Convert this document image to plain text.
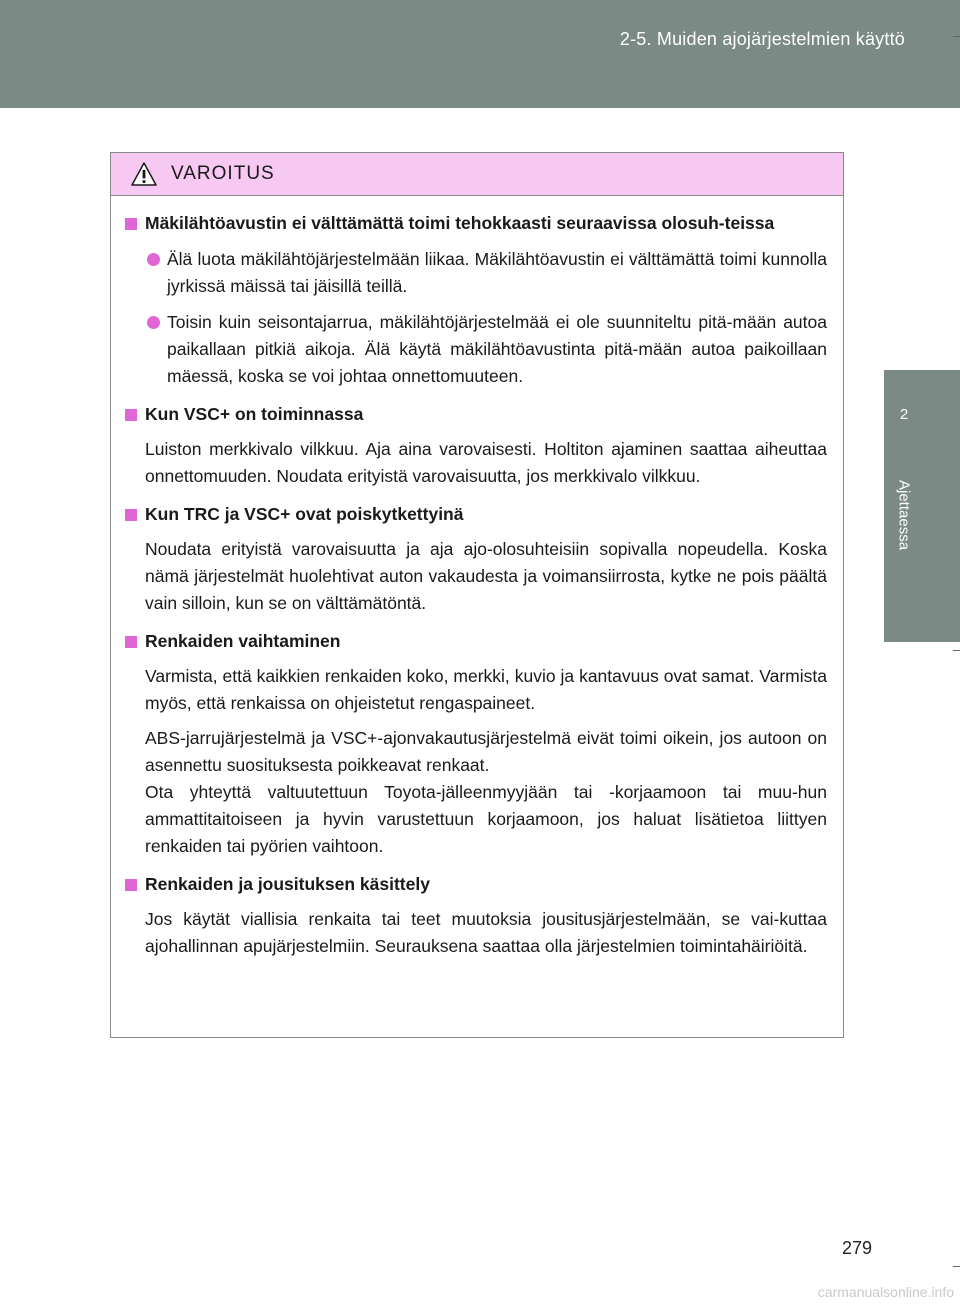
2-5. Muiden ajojärjestelmien käyttö
2
Ajettaessa
VAROITUS
Mäkilähtöavustin ei välttämättä toimi tehokkaasti seuraavissa olosuh-teissa
Älä luota mäkilähtöjärjestelmään liikaa. Mäkilähtöavustin ei välttämättä toimi kunnolla jyrkissä mäissä tai jäisillä teillä.
Toisin kuin seisontajarrua, mäkilähtöjärjestelmää ei ole suunniteltu pitä-mään autoa paikallaan pitkiä aikoja. Älä käytä mäkilähtöavustinta pitä-mään autoa paikoillaan mäessä, koska se voi johtaa onnettomuuteen.
Kun VSC+ on toiminnassa
Luiston merkkivalo vilkkuu. Aja aina varovaisesti. Holtiton ajaminen saattaa aiheuttaa onnettomuuden. Noudata erityistä varovaisuutta, jos merkkivalo vilkkuu.
Kun TRC ja VSC+ ovat poiskytkettyinä
Noudata erityistä varovaisuutta ja aja ajo-olosuhteisiin sopivalla nopeudella. Koska nämä järjestelmät huolehtivat auton vakaudesta ja voimansiirrosta, kytke ne pois päältä vain silloin, kun se on välttämätöntä.
Renkaiden vaihtaminen
Varmista, että kaikkien renkaiden koko, merkki, kuvio ja kantavuus ovat samat. Varmista myös, että renkaissa on ohjeistetut rengaspaineet.
ABS-jarrujärjestelmä ja VSC+-ajonvakautusjärjestelmä eivät toimi oikein, jos autoon on asennettu suosituksesta poikkeavat renkaat.
Ota yhteyttä valtuutettuun Toyota-jälleenmyyjään tai -korjaamoon tai muu-hun ammattitaitoiseen ja hyvin varustettuun korjaamoon, jos haluat lisätietoa liittyen renkaiden tai pyörien vaihtoon.
Renkaiden ja jousituksen käsittely
Jos käytät viallisia renkaita tai teet muutoksia jousitusjärjestelmään, se vai-kuttaa ajohallinnan apujärjestelmiin. Seurauksena saattaa olla järjestelmien toimintahäiriöitä.
279
carmanualsonline.info
